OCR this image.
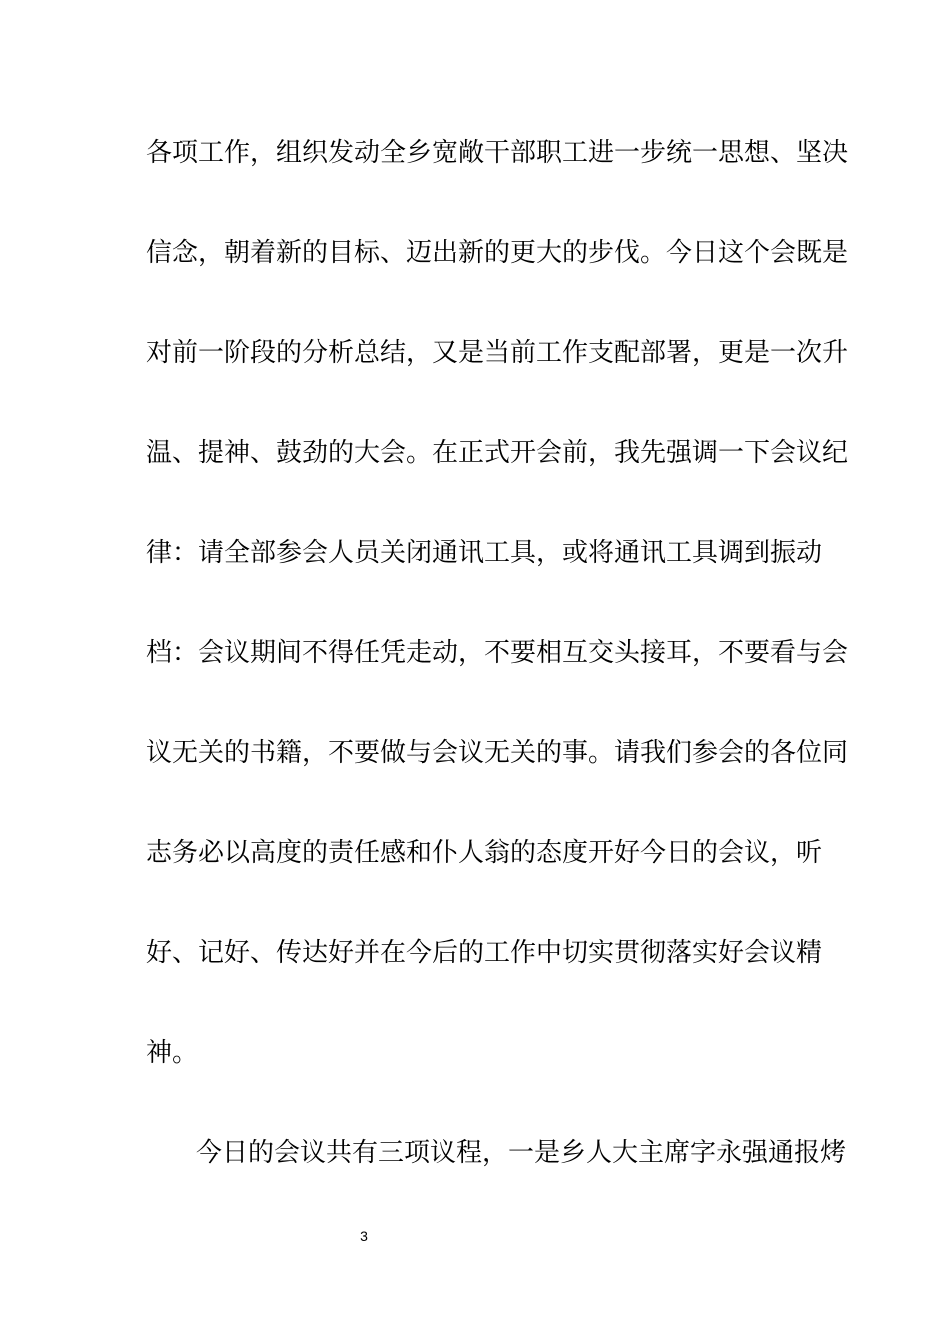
各项工作，组织发动全乡宽敞干部职工进一步统一思想、坚决
信念，朝着新的目标、迈出新的更大的步伐。今日这个会既是
对前一阶段的分析总结，又是当前工作支配部署，更是一次升
温、提神、鼓劲的大会。在正式开会前，我先强调一下会议纪
律：请全部参会人员关闭通讯工具，或将通讯工具调到振动
档：会议期间不得任凭走动，不要相互交头接耳，不要看与会
议无关的书籍，不要做与会议无关的事。请我们参会的各位同
志务必以高度的责任感和仆人翁的态度开好今日的会议，听
好、记好、传达好并在今后的工作中切实贯彻落实好会议精
神。
今日的会议共有三项议程，一是乡人大主席字永强通报烤
3
